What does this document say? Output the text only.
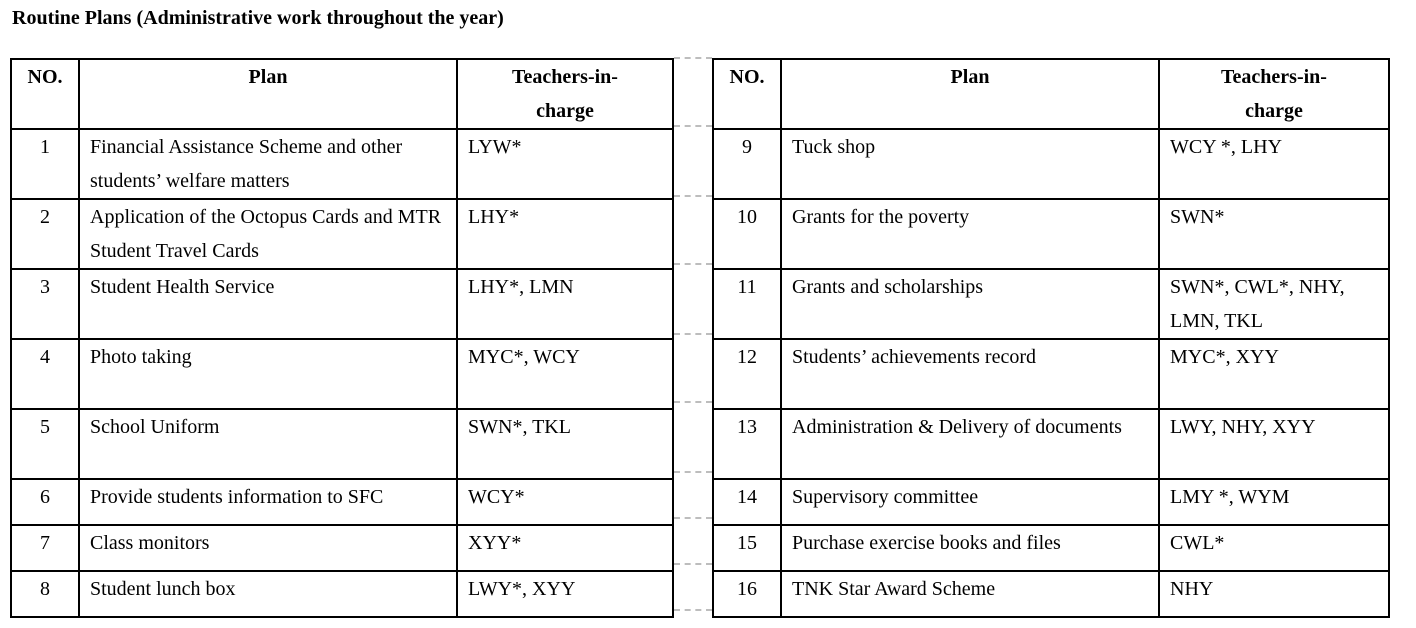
Routine Plans (Administrative work throughout the year)
NO.	Plan	Teachers-in-
charge
1	Financial Assistance Scheme and other students’ welfare matters	LYW*
2	Application of the Octopus Cards and MTR Student Travel Cards	LHY*
3	Student Health Service	LHY*, LMN
4	Photo taking	MYC*, WCY
5	School Uniform	SWN*, TKL
6	Provide students information to SFC	WCY*
7	Class monitors	XYY*
8	Student lunch box	LWY*, XYY
NO.	Plan	Teachers-in-
charge
9	Tuck shop	WCY *, LHY
10	Grants for the poverty	SWN*
11	Grants and scholarships	SWN*, CWL*, NHY, LMN, TKL
12	Students’ achievements record	MYC*, XYY
13	Administration & Delivery of documents	LWY, NHY, XYY
14	Supervisory committee	LMY *, WYM
15	Purchase exercise books and files	CWL*
16	TNK Star Award Scheme	NHY
